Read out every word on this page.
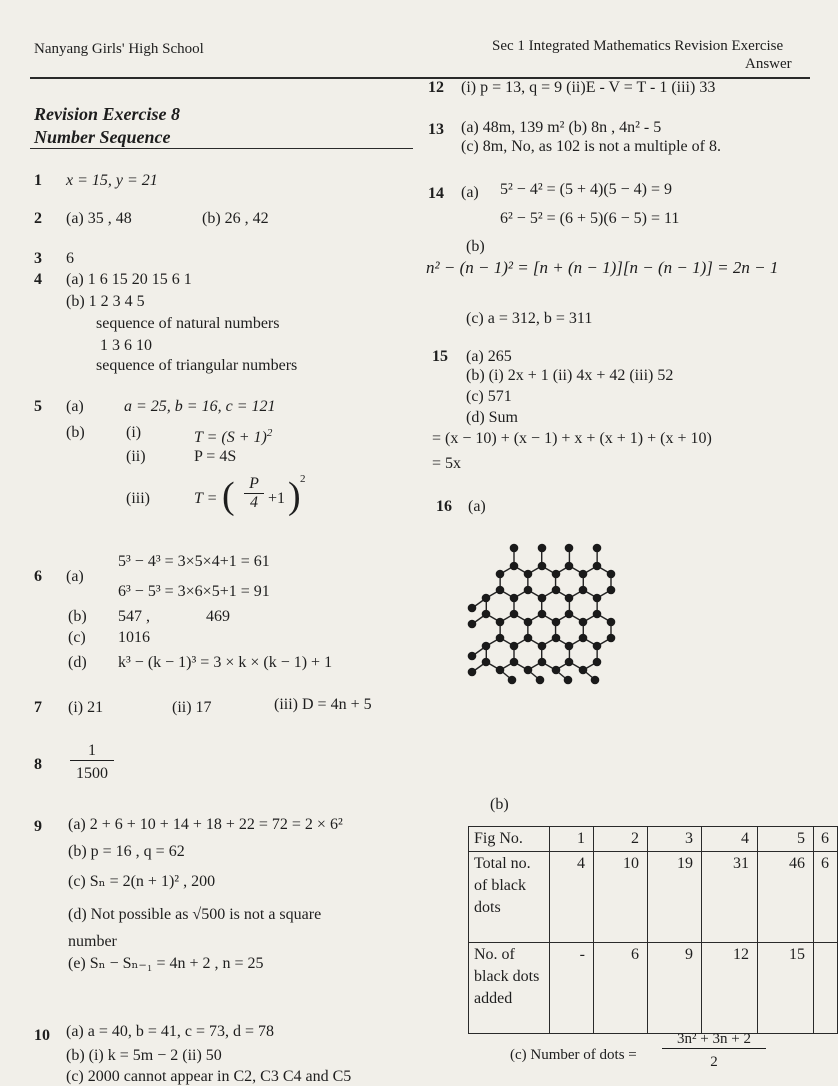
Nanyang Girls' High School	Sec 1 Integrated Mathematics Revision Exercise
Answer
Revision Exercise 8
Number Sequence
1 x = 15, y = 21
2 (a) 35 , 48	(b) 26 , 42
3 6
4 (a) 1 6 15 20 15 6 1
(b) 1 2 3 4 5
sequence of natural numbers
1 3 6 10
sequence of triangular numbers
5 (a)	a = 25, b = 16, c = 121
(b)	(i)	$T = (S + 1)^2$
(ii)	P = 4S
(iii)	T = ( $\frac{P}{4} +1$ ) 2
6 (a)
5³ − 4³ = 3×5×4+1 = 61
6³ − 5³ = 3×6×5+1 = 91
(b) 547 ,	469
(c) 1016
(d) k³ − (k − 1)³ = 3 × k × (k − 1) + 1
7 (i) 21	(ii) 17	(iii) D = 4n + 5
$8 \frac{1}{1500}$
9 (a) 2 + 6 + 10 + 14 + 18 + 22 = 72 = 2 × 6²
(b) p = 16 , q = 62
(c) Sₙ = 2(n + 1)² , 200
(d) Not possible as √500 is not a square
number
(e) Sₙ − Sₙ₋₁ = 4n + 2 , n = 25
10 (a) a = 40, b = 41, c = 73, d = 78
(b) (i) k = 5m − 2 (ii) 50
(c) 2000 cannot appear in C2, C3 C4 and C5
12 (i) p = 13, q = 9 (ii)E - V = T - 1 (iii) 33
13 (a) 48m, 139 m² (b) 8n , 4n² - 5
(c) 8m, No, as 102 is not a multiple of 8.
14 (a) 5² − 4² = (5 + 4)(5 − 4) = 9
6² − 5² = (6 + 5)(6 − 5) = 11
(b)
n² − (n − 1)² = [n + (n − 1)][n − (n − 1)] = 2n − 1
(c) a = 312, b = 311
15 (a) 265
(b) (i) 2x + 1 (ii) 4x + 42 (iii) 52
(c) 571
(d) Sum
= (x − 10) + (x − 1) + x + (x + 1) + (x + 10)
= 5x
16 (a)
(b)
Fig No.	1	2	3	4	5	6
Total no. of black dots	4	10	19	31	46	6
No. of black dots added	-	6	9	12	15	
(c) Number of dots = $\frac{\text{3n² + 3n + 2}}{2}$
